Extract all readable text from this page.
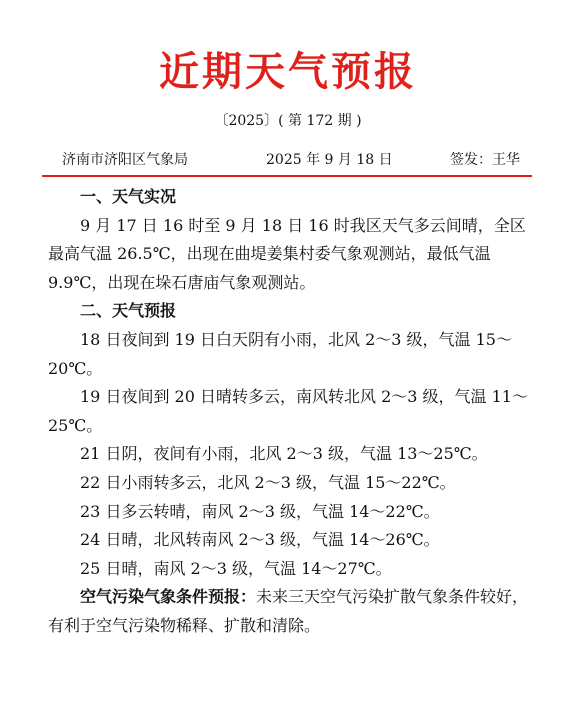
近期天气预报
〔2025〕( 第 172 期 )
济南市济阳区气象局	2025 年 9 月 18 日	签发：王华
一、天气实况

9 月 17 日 16 时至 9 月 18 日 16 时我区天气多云间晴，全区最高气温 26.5℃，出现在曲堤姜集村委气象观测站，最低气温 9.9℃，出现在垛石唐庙气象观测站。

二、天气预报

18 日夜间到 19 日白天阴有小雨，北风 2～3 级，气温 15～20℃。

19 日夜间到 20 日晴转多云，南风转北风 2～3 级，气温 11～25℃。

21 日阴，夜间有小雨，北风 2～3 级，气温 13～25℃。

22 日小雨转多云，北风 2～3 级，气温 15～22℃。

23 日多云转晴，南风 2～3 级，气温 14～22℃。

24 日晴，北风转南风 2～3 级，气温 14～26℃。

25 日晴，南风 2～3 级，气温 14～27℃。

空气污染气象条件预报：未来三天空气污染扩散气象条件较好，有利于空气污染物稀释、扩散和清除。
